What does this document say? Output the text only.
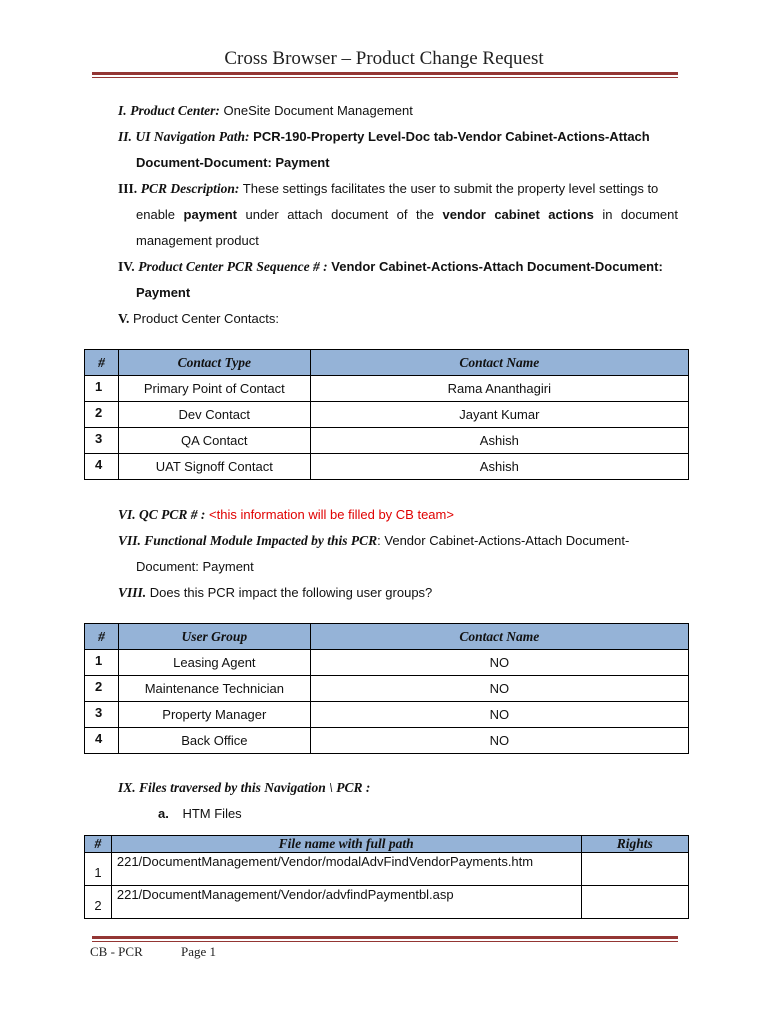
Cross Browser – Product Change Request
I. Product Center: OneSite Document Management
II. UI Navigation Path: PCR-190-Property Level-Doc tab-Vendor Cabinet-Actions-Attach
Document-Document: Payment
III. PCR Description: These settings facilitates the user to submit the property level settings to
enable payment under attach document of the vendor cabinet actions in document
management product
IV. Product Center PCR Sequence # : Vendor Cabinet-Actions-Attach Document-Document:
Payment
V. Product Center Contacts:
#	Contact Type	Contact Name
1	Primary Point of Contact	Rama Ananthagiri
2	Dev Contact	Jayant Kumar
3	QA Contact	Ashish
4	UAT Signoff Contact	Ashish
VI. QC PCR # : <this information will be filled by CB team>
VII. Functional Module Impacted by this PCR: Vendor Cabinet-Actions-Attach Document-
Document: Payment
VIII. Does this PCR impact the following user groups?
#	User Group	Contact Name
1	Leasing Agent	NO
2	Maintenance Technician	NO
3	Property Manager	NO
4	Back Office	NO
IX. Files traversed by this Navigation \ PCR :
a. HTM Files
#	File name with full path	Rights
1	221/DocumentManagement/Vendor/modalAdvFindVendorPayments.htm	
2	221/DocumentManagement/Vendor/advfindPaymentbl.asp	
CB - PCR	Page 1
